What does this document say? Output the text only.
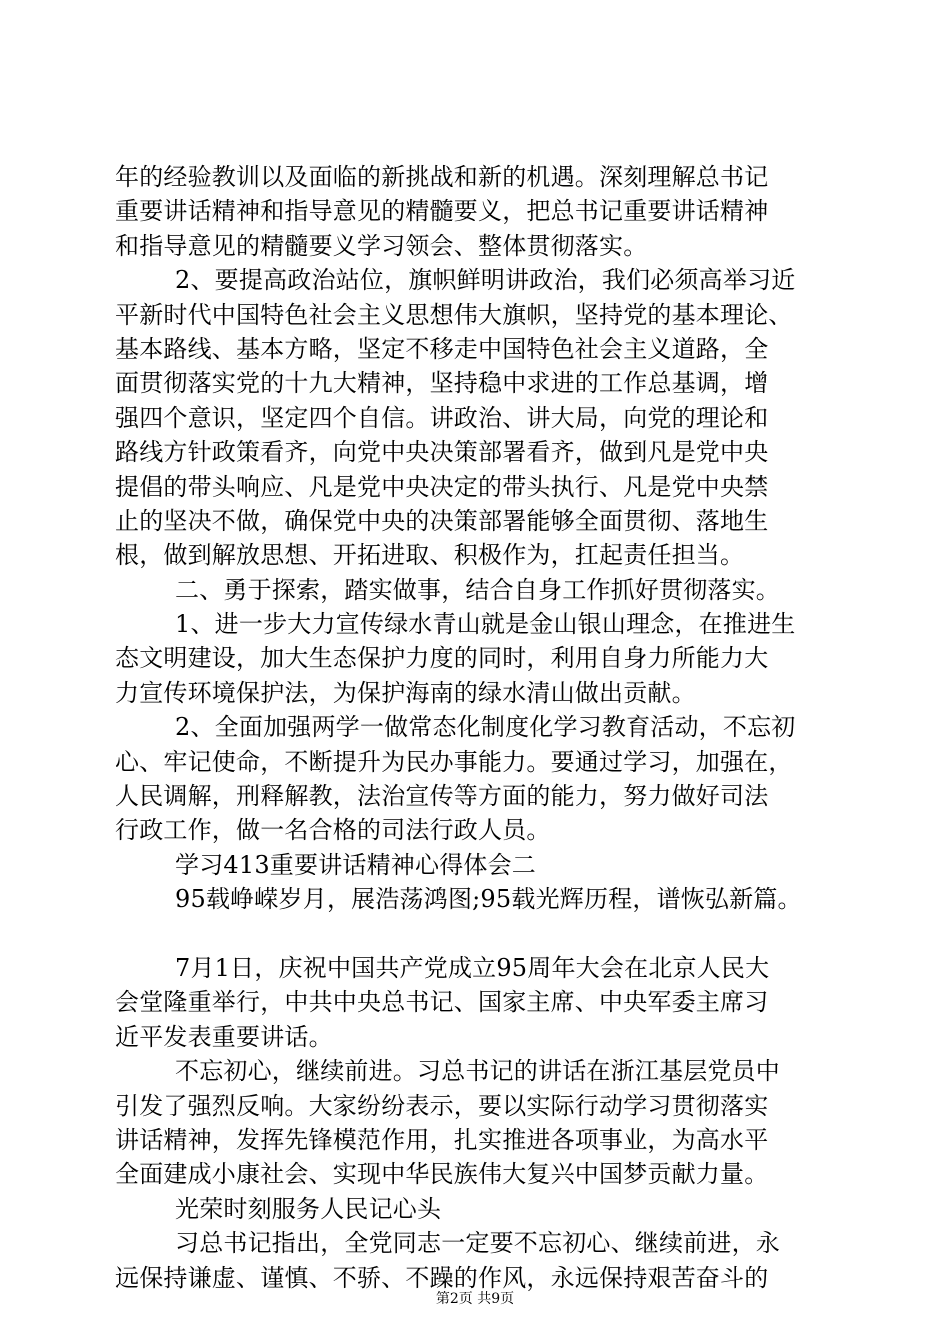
年的经验教训以及面临的新挑战和新的机遇。深刻理解总书记
重要讲话精神和指导意见的精髓要义，把总书记重要讲话精神
和指导意见的精髓要义学习领会、整体贯彻落实。
2、要提高政治站位，旗帜鲜明讲政治，我们必须高举习近
平新时代中国特色社会主义思想伟大旗帜，坚持党的基本理论、
基本路线、基本方略，坚定不移走中国特色社会主义道路，全
面贯彻落实党的十九大精神，坚持稳中求进的工作总基调，增
强四个意识，坚定四个自信。讲政治、讲大局，向党的理论和
路线方针政策看齐，向党中央决策部署看齐，做到凡是党中央
提倡的带头响应、凡是党中央决定的带头执行、凡是党中央禁
止的坚决不做，确保党中央的决策部署能够全面贯彻、落地生
根，做到解放思想、开拓进取、积极作为，扛起责任担当。
二、勇于探索，踏实做事，结合自身工作抓好贯彻落实。
1、进一步大力宣传绿水青山就是金山银山理念，在推进生
态文明建设，加大生态保护力度的同时，利用自身力所能力大
力宣传环境保护法，为保护海南的绿水清山做出贡献。
2、全面加强两学一做常态化制度化学习教育活动，不忘初
心、牢记使命，不断提升为民办事能力。要通过学习，加强在，
人民调解，刑释解教，法治宣传等方面的能力，努力做好司法
行政工作，做一名合格的司法行政人员。
学习413重要讲话精神心得体会二
95载峥嵘岁月，展浩荡鸿图;95载光辉历程，谱恢弘新篇。
7月1日，庆祝中国共产党成立95周年大会在北京人民大
会堂隆重举行，中共中央总书记、国家主席、中央军委主席习
近平发表重要讲话。
不忘初心，继续前进。习总书记的讲话在浙江基层党员中
引发了强烈反响。大家纷纷表示，要以实际行动学习贯彻落实
讲话精神，发挥先锋模范作用，扎实推进各项事业，为高水平
全面建成小康社会、实现中华民族伟大复兴中国梦贡献力量。
光荣时刻服务人民记心头
习总书记指出，全党同志一定要不忘初心、继续前进，永
远保持谦虚、谨慎、不骄、不躁的作风，永远保持艰苦奋斗的
第2页 共9页
